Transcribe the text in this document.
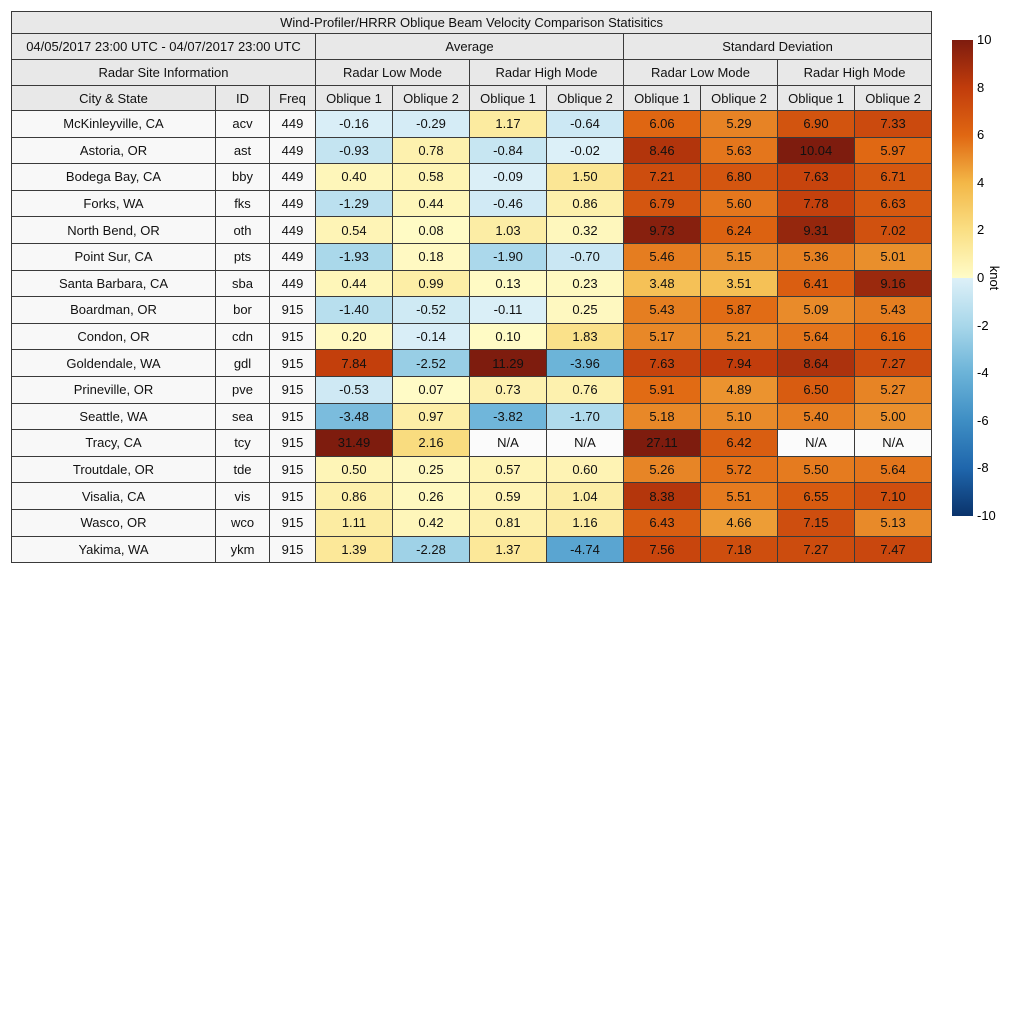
Wind-Profiler/HRRR Oblique Beam Velocity Comparison Statisitics										
04/05/2017 23:00 UTC - 04/07/2017 23:00 UTC			Average				Standard Deviation			
Radar Site Information			Radar Low Mode		Radar High Mode		Radar Low Mode		Radar High Mode	
City & State	ID	Freq	Oblique 1	Oblique 2	Oblique 1	Oblique 2	Oblique 1	Oblique 2	Oblique 1	Oblique 2
McKinleyville, CA	acv	449	-0.16	-0.29	1.17	-0.64	6.06	5.29	6.90	7.33
Astoria, OR	ast	449	-0.93	0.78	-0.84	-0.02	8.46	5.63	10.04	5.97
Bodega Bay, CA	bby	449	0.40	0.58	-0.09	1.50	7.21	6.80	7.63	6.71
Forks, WA	fks	449	-1.29	0.44	-0.46	0.86	6.79	5.60	7.78	6.63
North Bend, OR	oth	449	0.54	0.08	1.03	0.32	9.73	6.24	9.31	7.02
Point Sur, CA	pts	449	-1.93	0.18	-1.90	-0.70	5.46	5.15	5.36	5.01
Santa Barbara, CA	sba	449	0.44	0.99	0.13	0.23	3.48	3.51	6.41	9.16
Boardman, OR	bor	915	-1.40	-0.52	-0.11	0.25	5.43	5.87	5.09	5.43
Condon, OR	cdn	915	0.20	-0.14	0.10	1.83	5.17	5.21	5.64	6.16
Goldendale, WA	gdl	915	7.84	-2.52	11.29	-3.96	7.63	7.94	8.64	7.27
Prineville, OR	pve	915	-0.53	0.07	0.73	0.76	5.91	4.89	6.50	5.27
Seattle, WA	sea	915	-3.48	0.97	-3.82	-1.70	5.18	5.10	5.40	5.00
Tracy, CA	tcy	915	31.49	2.16	N/A	N/A	27.11	6.42	N/A	N/A
Troutdale, OR	tde	915	0.50	0.25	0.57	0.60	5.26	5.72	5.50	5.64
Visalia, CA	vis	915	0.86	0.26	0.59	1.04	8.38	5.51	6.55	7.10
Wasco, OR	wco	915	1.11	0.42	0.81	1.16	6.43	4.66	7.15	5.13
Yakima, WA	ykm	915	1.39	-2.28	1.37	-4.74	7.56	7.18	7.27	7.47
10
8
6
4
2
0
-2
-4
-6
-8
-10
knot
